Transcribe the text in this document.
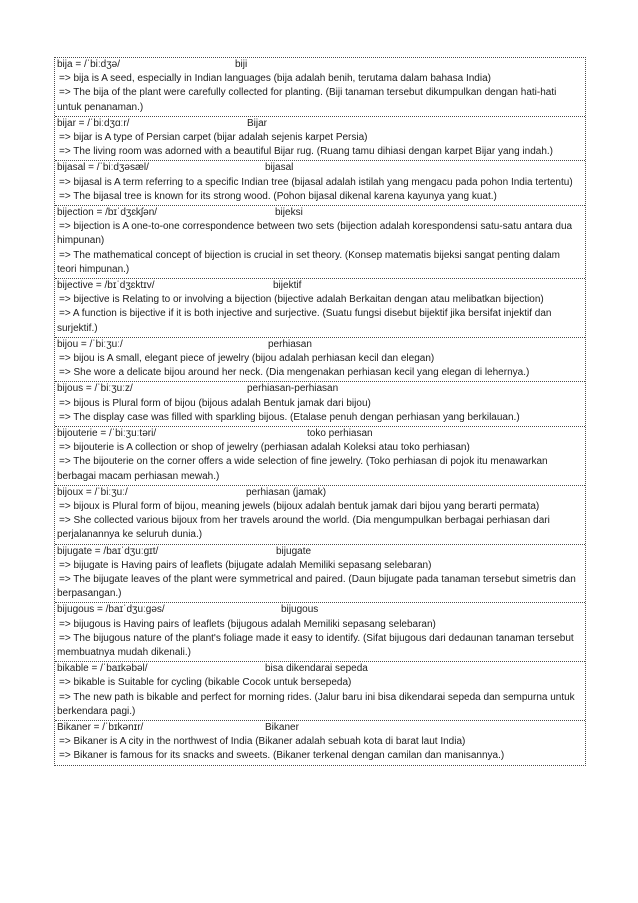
bija = /ˈbiːdʒə/	biji
=> bija is A seed, especially in Indian languages (bija adalah benih, terutama dalam bahasa India)
=> The bija of the plant were carefully collected for planting. (Biji tanaman tersebut dikumpulkan dengan hati-hati untuk penanaman.)
bijar = /ˈbiːdʒɑːr/	Bijar
=> bijar is A type of Persian carpet (bijar adalah sejenis karpet Persia)
=> The living room was adorned with a beautiful Bijar rug. (Ruang tamu dihiasi dengan karpet Bijar yang indah.)
bijasal = /ˈbiːdʒəsæl/	bijasal
=> bijasal is A term referring to a specific Indian tree (bijasal adalah istilah yang mengacu pada pohon India tertentu)
=> The bijasal tree is known for its strong wood. (Pohon bijasal dikenal karena kayunya yang kuat.)
bijection = /bɪˈdʒɛkʃən/	bijeksi
=> bijection is A one-to-one correspondence between two sets (bijection adalah korespondensi satu-satu antara dua himpunan)
=> The mathematical concept of bijection is crucial in set theory. (Konsep matematis bijeksi sangat penting dalam teori himpunan.)
bijective = /bɪˈdʒɛktɪv/	bijektif
=> bijective is Relating to or involving a bijection (bijective adalah Berkaitan dengan atau melibatkan bijection)
=> A function is bijective if it is both injective and surjective. (Suatu fungsi disebut bijektif jika bersifat injektif dan surjektif.)
bijou = /ˈbiːʒuː/	perhiasan
=> bijou is A small, elegant piece of jewelry (bijou adalah perhiasan kecil dan elegan)
=> She wore a delicate bijou around her neck. (Dia mengenakan perhiasan kecil yang elegan di lehernya.)
bijous = /ˈbiːʒuːz/	perhiasan-perhiasan
=> bijous is Plural form of bijou (bijous adalah Bentuk jamak dari bijou)
=> The display case was filled with sparkling bijous. (Etalase penuh dengan perhiasan yang berkilauan.)
bijouterie = /ˈbiːʒuːtəri/	toko perhiasan
=> bijouterie is A collection or shop of jewelry (perhiasan adalah Koleksi atau toko perhiasan)
=> The bijouterie on the corner offers a wide selection of fine jewelry. (Toko perhiasan di pojok itu menawarkan berbagai macam perhiasan mewah.)
bijoux = /ˈbiːʒuː/	perhiasan (jamak)
=> bijoux is Plural form of bijou, meaning jewels (bijoux adalah bentuk jamak dari bijou yang berarti permata)
=> She collected various bijoux from her travels around the world. (Dia mengumpulkan berbagai perhiasan dari perjalanannya ke seluruh dunia.)
bijugate = /baɪˈdʒuːgɪt/	bijugate
=> bijugate is Having pairs of leaflets (bijugate adalah Memiliki sepasang selebaran)
=> The bijugate leaves of the plant were symmetrical and paired. (Daun bijugate pada tanaman tersebut simetris dan berpasangan.)
bijugous = /baɪˈdʒuːgəs/	bijugous
=> bijugous is Having pairs of leaflets (bijugous adalah Memiliki sepasang selebaran)
=> The bijugous nature of the plant's foliage made it easy to identify. (Sifat bijugous dari dedaunan tanaman tersebut membuatnya mudah dikenali.)
bikable = /ˈbaɪkəbəl/	bisa dikendarai sepeda
=> bikable is Suitable for cycling (bikable Cocok untuk bersepeda)
=> The new path is bikable and perfect for morning rides. (Jalur baru ini bisa dikendarai sepeda dan sempurna untuk berkendara pagi.)
Bikaner = /ˈbɪkənɪr/	Bikaner
=> Bikaner is A city in the northwest of India (Bikaner adalah sebuah kota di barat laut India)
=> Bikaner is famous for its snacks and sweets. (Bikaner terkenal dengan camilan dan manisannya.)
